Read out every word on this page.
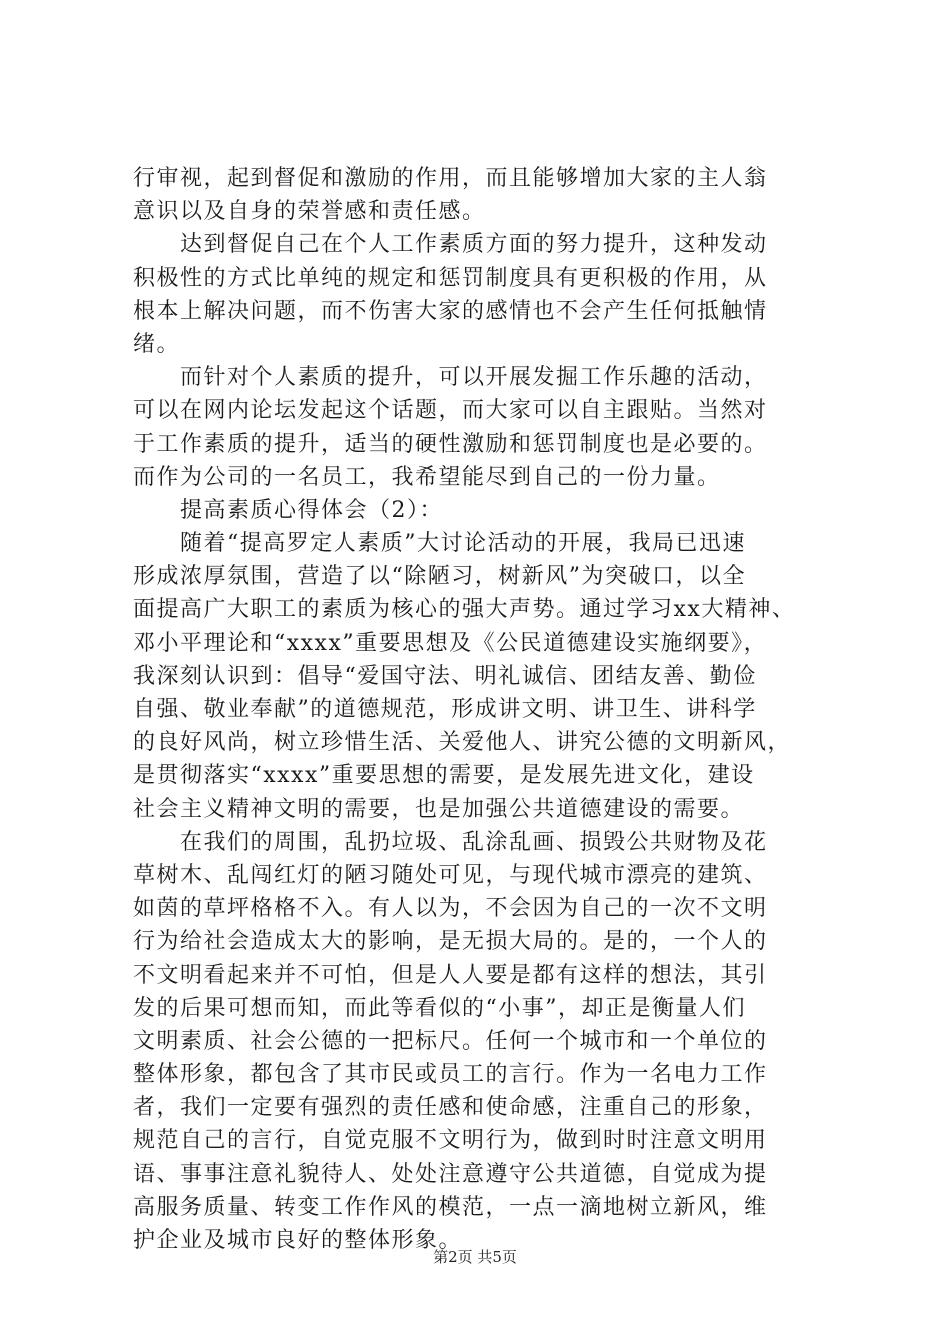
行审视，起到督促和激励的作用，而且能够增加大家的主人翁
意识以及自身的荣誉感和责任感。
达到督促自己在个人工作素质方面的努力提升，这种发动
积极性的方式比单纯的规定和惩罚制度具有更积极的作用，从
根本上解决问题，而不伤害大家的感情也不会产生任何抵触情
绪。
而针对个人素质的提升，可以开展发掘工作乐趣的活动，
可以在网内论坛发起这个话题，而大家可以自主跟贴。当然对
于工作素质的提升，适当的硬性激励和惩罚制度也是必要的。
而作为公司的一名员工，我希望能尽到自己的一份力量。
提高素质心得体会（2）：
随着“提高罗定人素质”大讨论活动的开展，我局已迅速
形成浓厚氛围，营造了以“除陋习，树新风”为突破口，以全
面提高广大职工的素质为核心的强大声势。通过学习xx大精神、
邓小平理论和“xxxx”重要思想及《公民道德建设实施纲要》，
我深刻认识到：倡导“爱国守法、明礼诚信、团结友善、勤俭
自强、敬业奉献”的道德规范，形成讲文明、讲卫生、讲科学
的良好风尚，树立珍惜生活、关爱他人、讲究公德的文明新风，
是贯彻落实“xxxx”重要思想的需要，是发展先进文化，建设
社会主义精神文明的需要，也是加强公共道德建设的需要。
在我们的周围，乱扔垃圾、乱涂乱画、损毁公共财物及花
草树木、乱闯红灯的陋习随处可见，与现代城市漂亮的建筑、
如茵的草坪格格不入。有人以为，不会因为自己的一次不文明
行为给社会造成太大的影响，是无损大局的。是的，一个人的
不文明看起来并不可怕，但是人人要是都有这样的想法，其引
发的后果可想而知，而此等看似的“小事”，却正是衡量人们
文明素质、社会公德的一把标尺。任何一个城市和一个单位的
整体形象，都包含了其市民或员工的言行。作为一名电力工作
者，我们一定要有强烈的责任感和使命感，注重自己的形象，
规范自己的言行，自觉克服不文明行为，做到时时注意文明用
语、事事注意礼貌待人、处处注意遵守公共道德，自觉成为提
高服务质量、转变工作作风的模范，一点一滴地树立新风，维
护企业及城市良好的整体形象。
第2页 共5页
